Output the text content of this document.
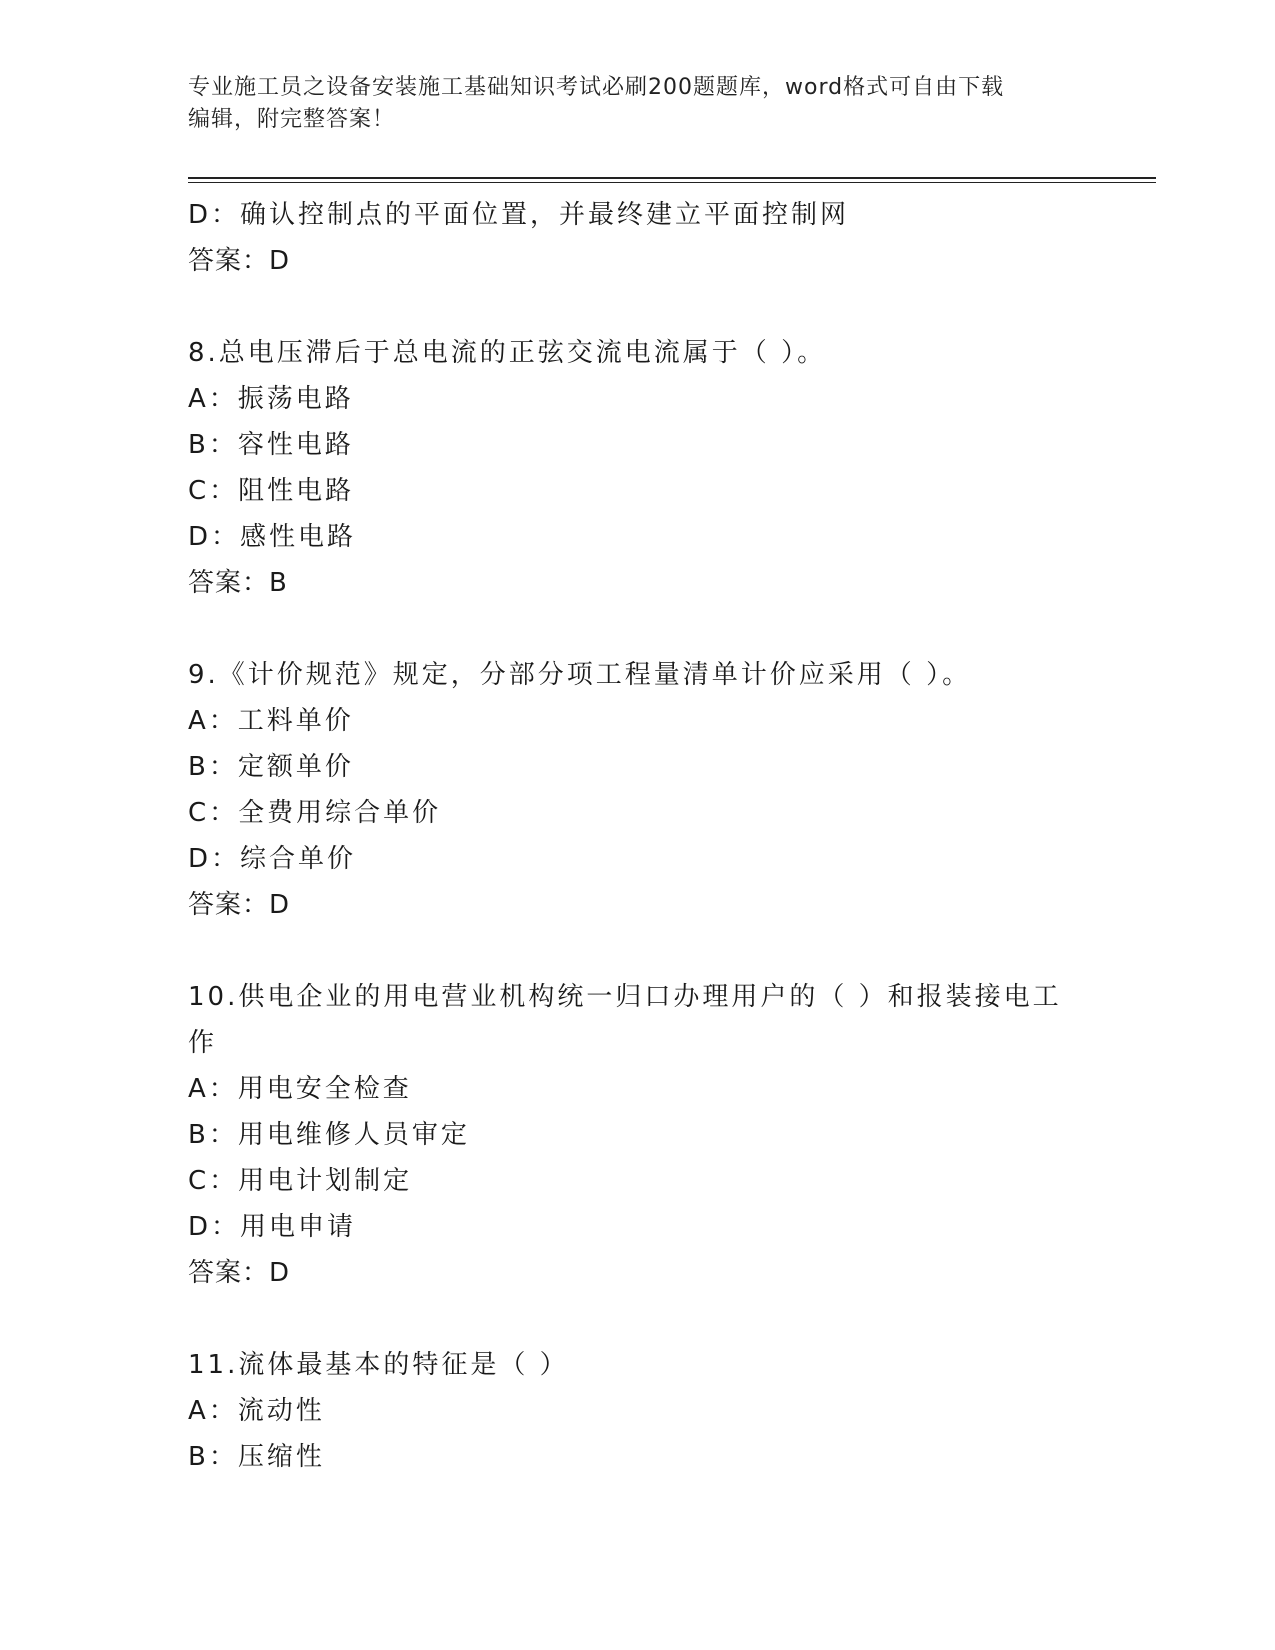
专业施工员之设备安装施工基础知识考试必刷200题题库，word格式可自由下载
编辑，附完整答案！
D：确认控制点的平面位置，并最终建立平面控制网
答案：D
8.总电压滞后于总电流的正弦交流电流属于（ ）。
A：振荡电路
B：容性电路
C：阻性电路
D：感性电路
答案：B
9.《计价规范》规定，分部分项工程量清单计价应采用（ ）。
A：工料单价
B：定额单价
C：全费用综合单价
D：综合单价
答案：D
10.供电企业的用电营业机构统一归口办理用户的（ ）和报装接电工
作
A：用电安全检查
B：用电维修人员审定
C：用电计划制定
D：用电申请
答案：D
11.流体最基本的特征是（ ）
A：流动性
B：压缩性
